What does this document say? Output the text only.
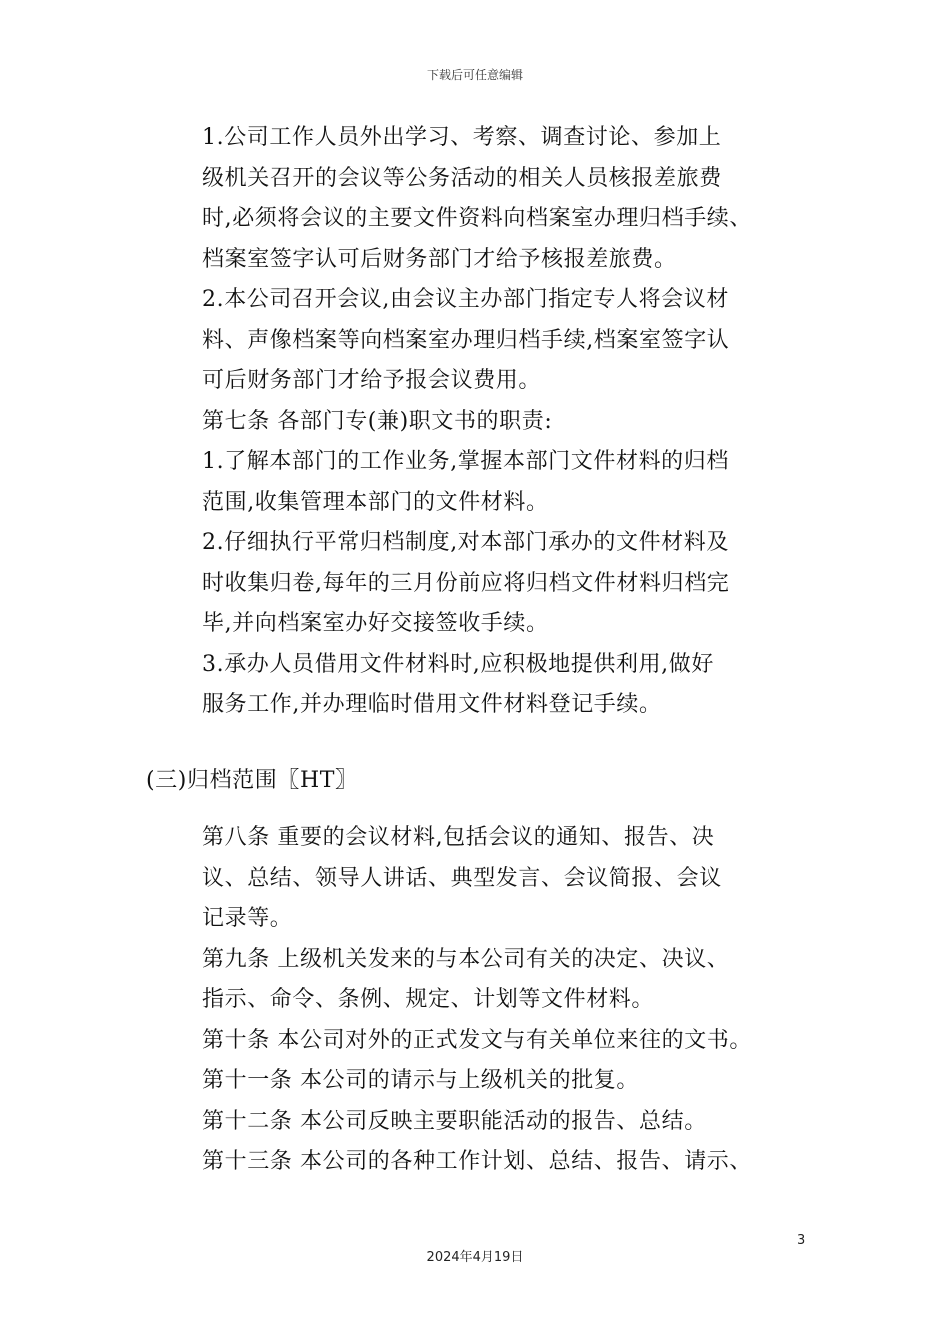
下载后可任意编辑
1.公司工作人员外出学习、考察、调查讨论、参加上
级机关召开的会议等公务活动的相关人员核报差旅费
时,必须将会议的主要文件资料向档案室办理归档手续、
档案室签字认可后财务部门才给予核报差旅费。
2.本公司召开会议,由会议主办部门指定专人将会议材
料、声像档案等向档案室办理归档手续,档案室签字认
可后财务部门才给予报会议费用。
第七条 各部门专(兼)职文书的职责:
1.了解本部门的工作业务,掌握本部门文件材料的归档
范围,收集管理本部门的文件材料。
2.仔细执行平常归档制度,对本部门承办的文件材料及
时收集归卷,每年的三月份前应将归档文件材料归档完
毕,并向档案室办好交接签收手续。
3.承办人员借用文件材料时,应积极地提供利用,做好
服务工作,并办理临时借用文件材料登记手续。
(三)归档范围〖HT〗
第八条 重要的会议材料,包括会议的通知、报告、决
议、总结、领导人讲话、典型发言、会议简报、会议
记录等。
第九条 上级机关发来的与本公司有关的决定、决议、
指示、命令、条例、规定、计划等文件材料。
第十条 本公司对外的正式发文与有关单位来往的文书。
第十一条 本公司的请示与上级机关的批复。
第十二条 本公司反映主要职能活动的报告、总结。
第十三条 本公司的各种工作计划、总结、报告、请示、
3
2024年4月19日
